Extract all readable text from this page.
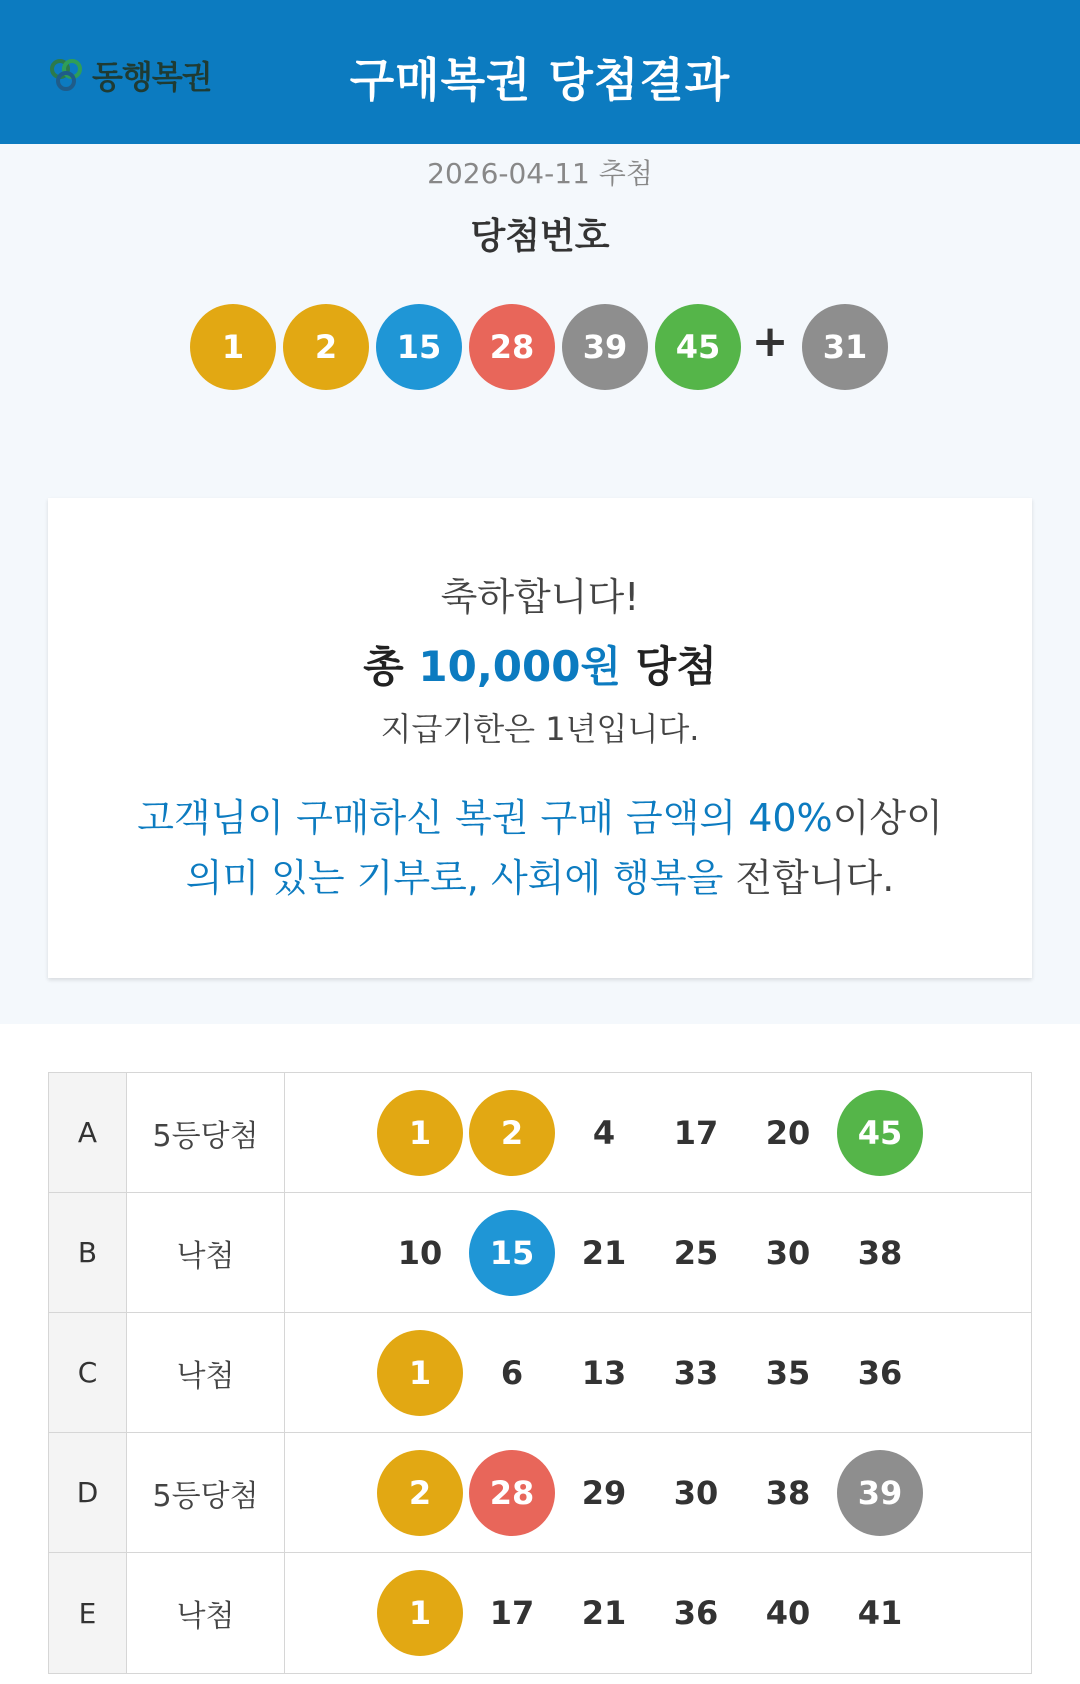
동행복권	구매복권 당첨결과
2026-04-11 추첨
당첨번호
1	2	15	28	39	45 +	31
축하합니다!
총 10,000원 당첨
지급기한은 1년입니다.
고객님이 구매하신 복권 구매 금액의 40%이상이
의미 있는 기부로, 사회에 행복을 전합니다.
A	5등당첨	1	2	4	17	20	45
B	낙첨	10	15	21	25	30	38
C	낙첨	1	6	13	33	35	36
D	5등당첨	2	28	29	30	38	39
E	낙첨	1	17	21	36	40	41
